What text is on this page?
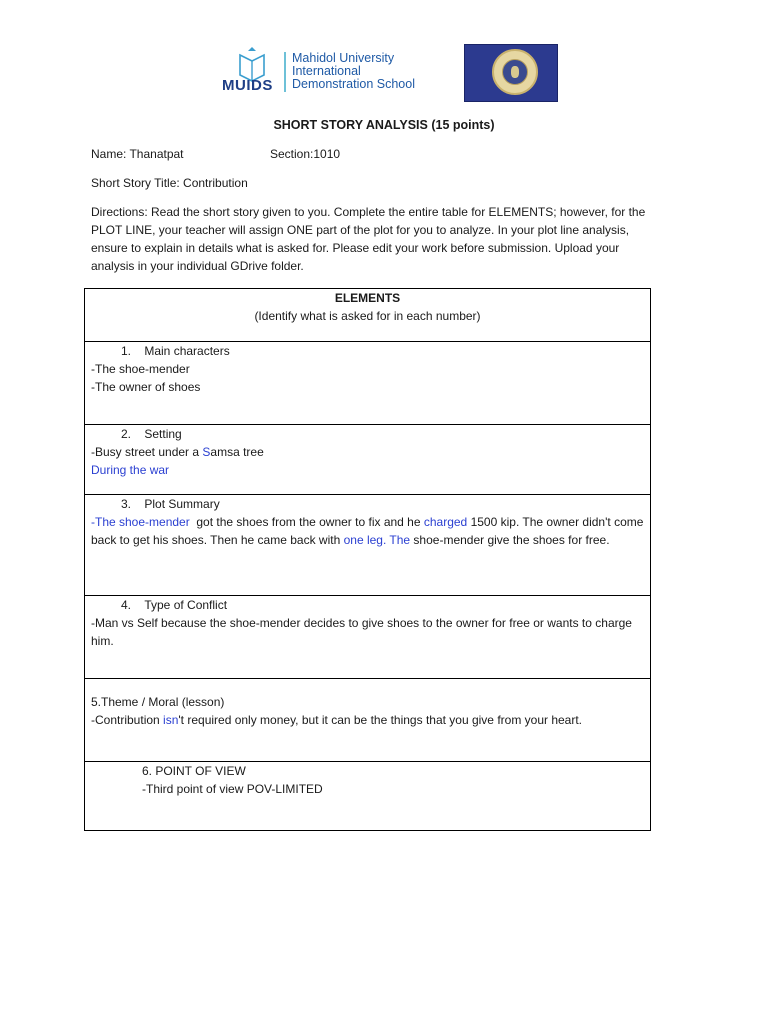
MUIDS
Mahidol University
International
Demonstration School
SHORT STORY ANALYSIS (15 points)
Name: Thanatpat	Section:1010
Short Story Title: Contribution
Directions: Read the short story given to you. Complete the entire table for ELEMENTS; however, for the PLOT LINE, your teacher will assign ONE part of the plot for you to analyze. In your plot line analysis, ensure to explain in details what is asked for. Please edit your work before submission. Upload your analysis in your individual GDrive folder.
ELEMENTS
(Identify what is asked for in each number)

1.    Main characters
-The shoe-mender
-The owner of shoes

2.    Setting
-Busy street under a Samsa tree
During the war

3.    Plot Summary
-The shoe-mender  got the shoes from the owner to fix and he charged 1500 kip. The owner didn't come back to get his shoes. Then he came back with one leg. The shoe-mender give the shoes for free.

4.    Type of Conflict
-Man vs Self because the shoe-mender decides to give shoes to the owner for free or wants to charge him.

5.Theme / Moral (lesson)
-Contribution isn't required only money, but it can be the things that you give from your heart.

6. POINT OF VIEW
-Third point of view POV-LIMITED
